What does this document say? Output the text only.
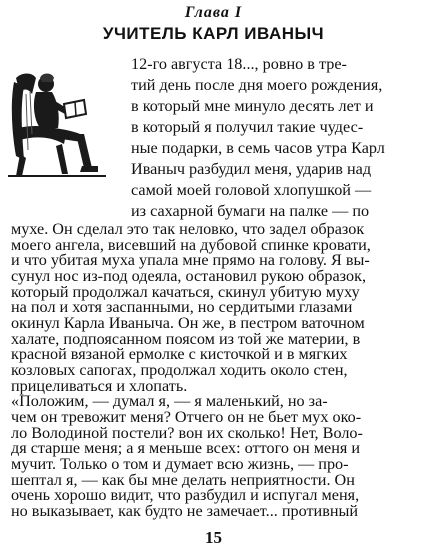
Глава I
УЧИТЕЛЬ КАРЛ ИВАНЫЧ
12-го августа 18..., ровно в тре-
тий день после дня моего рождения,
в который мне минуло десять лет и
в который я получил такие чудес-
ные подарки, в семь часов утра Карл
Иваныч разбудил меня, ударив над
самой моей головой хлопушкой —
из сахарной бумаги на палке — по
мухе. Он сделал это так неловко, что задел образок
моего ангела, висевший на дубовой спинке кровати,
и что убитая муха упала мне прямо на голову. Я вы-
сунул нос из-под одеяла, остановил рукою образок,
который продолжал качаться, скинул убитую муху
на пол и хотя заспанными, но сердитыми глазами
окинул Карла Иваныча. Он же, в пестром ваточном
халате, подпоясанном поясом из той же материи, в
красной вязаной ермолке с кисточкой и в мягких
козловых сапогах, продолжал ходить около стен,
прицеливаться и хлопать.
«Положим, — думал я, — я маленький, но за-
чем он тревожит меня? Отчего он не бьет мух око-
ло Володиной постели? вон их сколько! Нет, Воло-
дя старше меня; а я меньше всех: оттого он меня и
мучит. Только о том и думает всю жизнь, — про-
шептал я, — как бы мне делать неприятности. Он
очень хорошо видит, что разбудил и испугал меня,
но выказывает, как будто не замечает... противный
15
